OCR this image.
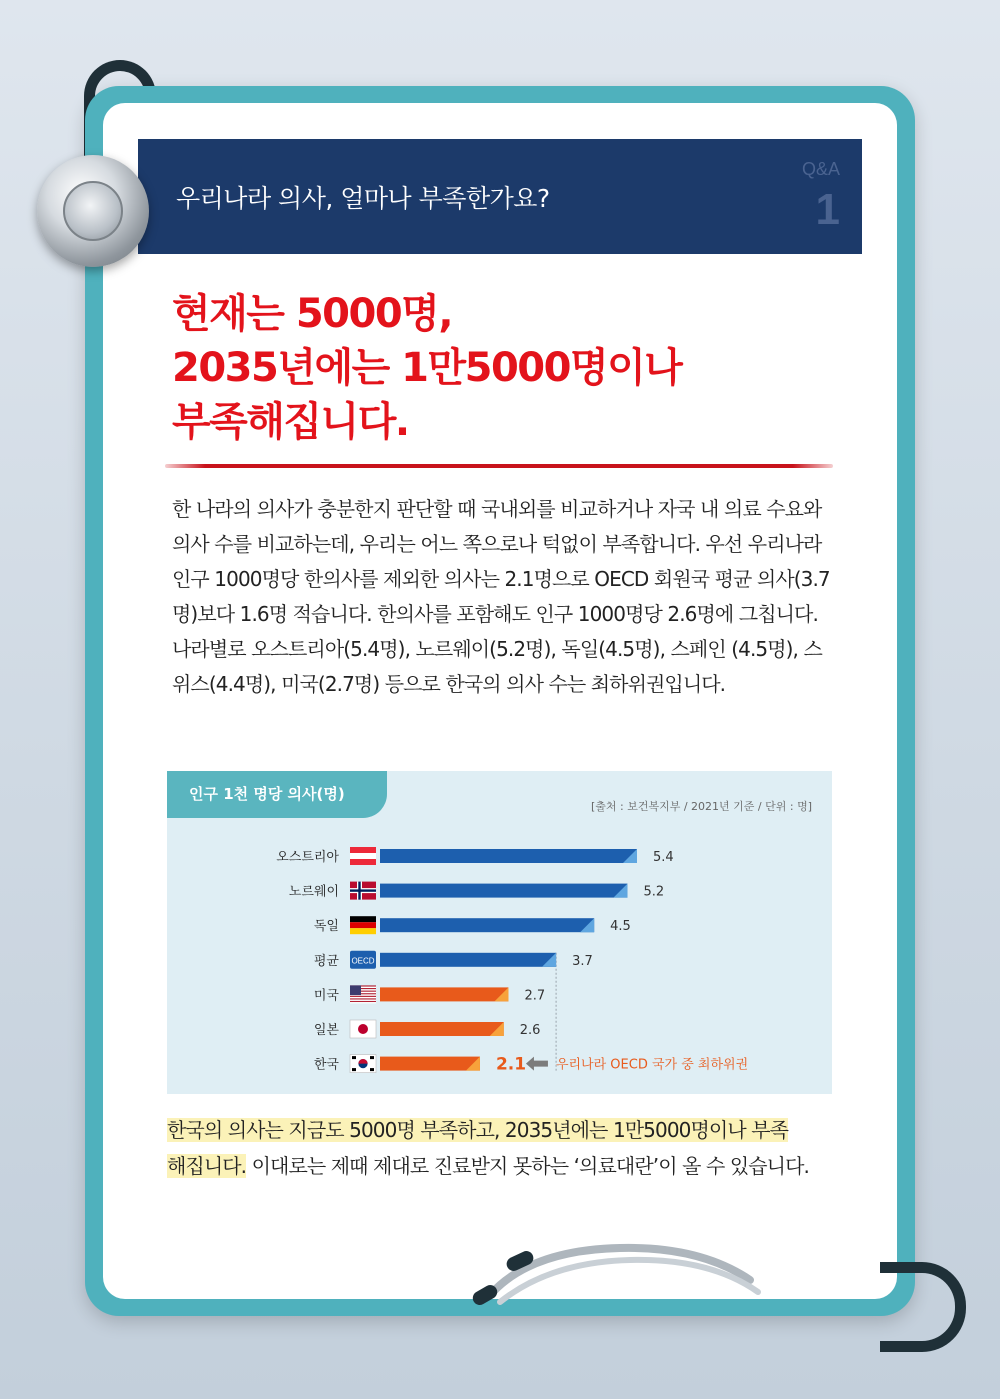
우리나라 의사, 얼마나 부족한가요?
Q&A
1
현재는 5000명,
2035년에는 1만5000명이나
부족해집니다.
한 나라의 의사가 충분한지 판단할 때 국내외를 비교하거나 자국 내 의료 수요와 의사 수를 비교하는데, 우리는 어느 쪽으로나 턱없이 부족합니다. 우선 우리나라 인구 1000명당 한의사를 제외한 의사는 2.1명으로 OECD 회원국 평균 의사(3.7명)보다 1.6명 적습니다. 한의사를 포함해도 인구 1000명당 2.6명에 그칩니다. 나라별로 오스트리아(5.4명), 노르웨이(5.2명), 독일(4.5명), 스페인 (4.5명), 스위스(4.4명), 미국(2.7명) 등으로 한국의 의사 수는 최하위권입니다.
인구 1천 명당 의사(명)
[출처 : 보건복지부 / 2021년 기준 / 단위 : 명]
오스트리아	5.4
노르웨이	5.2
독일	4.5
평균 OECD	3.7
미국	2.7
일본	2.6
한국	2.1 우리나라 OECD 국가 중 최하위권
한국의 의사는 지금도 5000명 부족하고, 2035년에는 1만5000명이나 부족
해집니다. 이대로는 제때 제대로 진료받지 못하는 ‘의료대란’이 올 수 있습니다.
